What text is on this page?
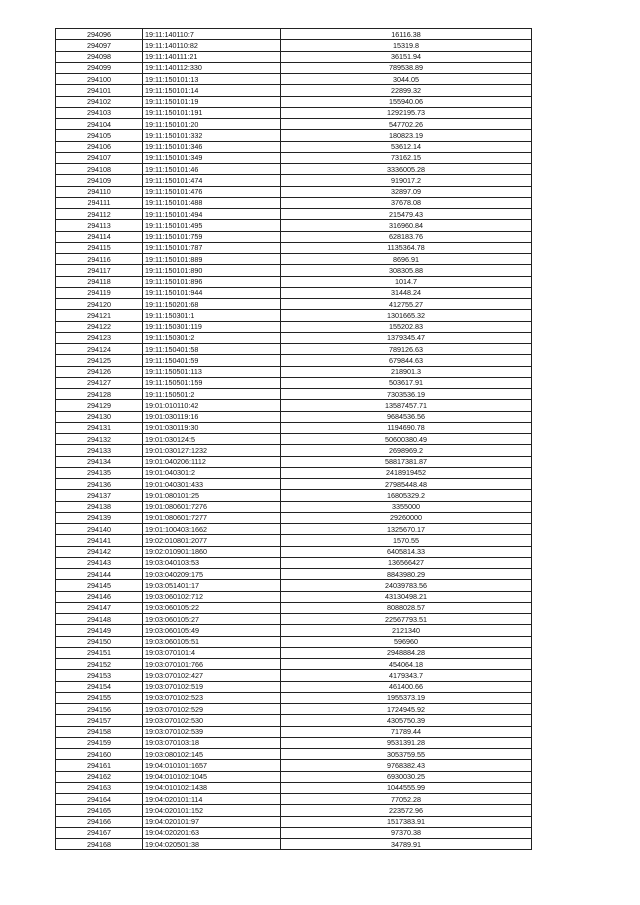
294096	19:11:140110:7	16116.38
294097	19:11:140110:82	15319.8
294098	19:11:140111:21	36151.94
294099	19:11:140112:330	789538.89
294100	19:11:150101:13	3044.05
294101	19:11:150101:14	22899.32
294102	19:11:150101:19	155940.06
294103	19:11:150101:191	1292195.73
294104	19:11:150101:20	547702.26
294105	19:11:150101:332	180823.19
294106	19:11:150101:346	53612.14
294107	19:11:150101:349	73162.15
294108	19:11:150101:46	3336005.28
294109	19:11:150101:474	919017.2
294110	19:11:150101:476	32897.09
294111	19:11:150101:488	37678.08
294112	19:11:150101:494	215479.43
294113	19:11:150101:495	316960.84
294114	19:11:150101:759	628183.76
294115	19:11:150101:787	1135364.78
294116	19:11:150101:889	8696.91
294117	19:11:150101:890	308305.88
294118	19:11:150101:896	1014.7
294119	19:11:150101:944	31448.24
294120	19:11:150201:68	412755.27
294121	19:11:150301:1	1301665.32
294122	19:11:150301:119	155202.83
294123	19:11:150301:2	1379345.47
294124	19:11:150401:58	789126.63
294125	19:11:150401:59	679844.63
294126	19:11:150501:113	218901.3
294127	19:11:150501:159	503617.91
294128	19:11:150501:2	7303536.19
294129	19:01:010110:42	13587457.71
294130	19:01:030119:16	9684536.56
294131	19:01:030119:30	1194690.78
294132	19:01:030124:5	50600380.49
294133	19:01:030127:1232	2698969.2
294134	19:01:040206:1112	58817381.87
294135	19:01:040301:2	2418919452
294136	19:01:040301:433	27985448.48
294137	19:01:080101:25	16805329.2
294138	19:01:080601:7276	3355000
294139	19:01:080601:7277	29260000
294140	19:01:100403:1662	1325670.17
294141	19:02:010801:2077	1570.55
294142	19:02:010901:1860	6405814.33
294143	19:03:040103:53	136566427
294144	19:03:040209:175	8843980.29
294145	19:03:051401:17	24039783.56
294146	19:03:060102:712	43130498.21
294147	19:03:060105:22	8088028.57
294148	19:03:060105:27	22567793.51
294149	19:03:060105:49	2121340
294150	19:03:060105:51	596960
294151	19:03:070101:4	2948884.28
294152	19:03:070101:766	454064.18
294153	19:03:070102:427	4179343.7
294154	19:03:070102:519	461400.66
294155	19:03:070102:523	1955373.19
294156	19:03:070102:529	1724945.92
294157	19:03:070102:530	4305750.39
294158	19:03:070102:539	71789.44
294159	19:03:070103:18	9531391.28
294160	19:03:080102:145	3053759.55
294161	19:04:010101:1657	9768382.43
294162	19:04:010102:1045	6930030.25
294163	19:04:010102:1438	1044555.99
294164	19:04:020101:114	77052.28
294165	19:04:020101:152	223572.96
294166	19:04:020101:97	1517383.91
294167	19:04:020201:63	97370.38
294168	19:04:020501:38	34789.91
